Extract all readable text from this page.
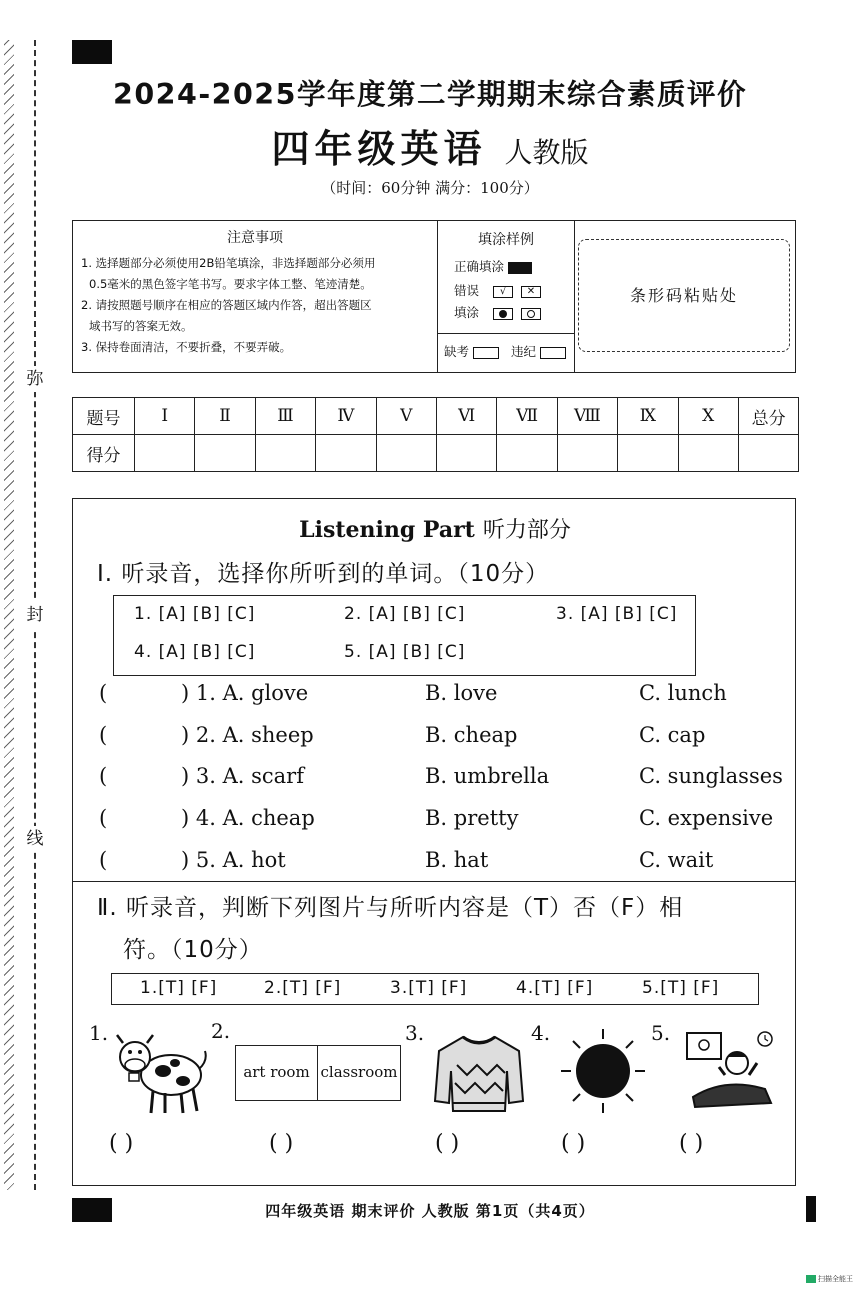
弥
封
线
2024-2025学年度第二学期期末综合素质评价
四年级英语 人教版
（时间：60分钟 满分：100分）
注意事项
1. 选择题部分必须使用2B铅笔填涂，非选择题部分必须用
0.5毫米的黑色签字笔书写。要求字体工整、笔迹清楚。
2. 请按照题号顺序在相应的答题区域内作答，超出答题区
域书写的答案无效。
3. 保持卷面清洁，不要折叠，不要弄破。
填涂样例
正确填涂
错误 √ ✕
填涂

缺考	违纪
条形码粘贴处
题号	Ⅰ	Ⅱ	Ⅲ	Ⅳ	Ⅴ	Ⅵ	Ⅶ	Ⅷ	Ⅸ	Ⅹ	总分
得分											
Listening Part 听力部分
Ⅰ. 听录音，选择你所听到的单词。（10分）
1. [A] [B] [C]	2. [A] [B] [C]	3. [A] [B] [C]
4. [A] [B] [C]	5. [A] [B] [C]
(	) 1. A. glove	B. love	C. lunch
(	) 2. A. sheep	B. cheap	C. cap
(	) 3. A. scarf	B. umbrella	C. sunglasses
(	) 4. A. cheap	B. pretty	C. expensive
(	) 5. A. hot	B. hat	C. wait
Ⅱ. 听录音，判断下列图片与所听内容是（T）否（F）相
符。（10分）
1.[T] [F]	2.[T] [F]	3.[T] [F]	4.[T] [F]	5.[T] [F]
1.	2.	3.	4.	5.
art room classroom
( )	( )	( )	( )	( )
四年级英语 期末评价 人教版 第1页（共4页）
扫描全能王
